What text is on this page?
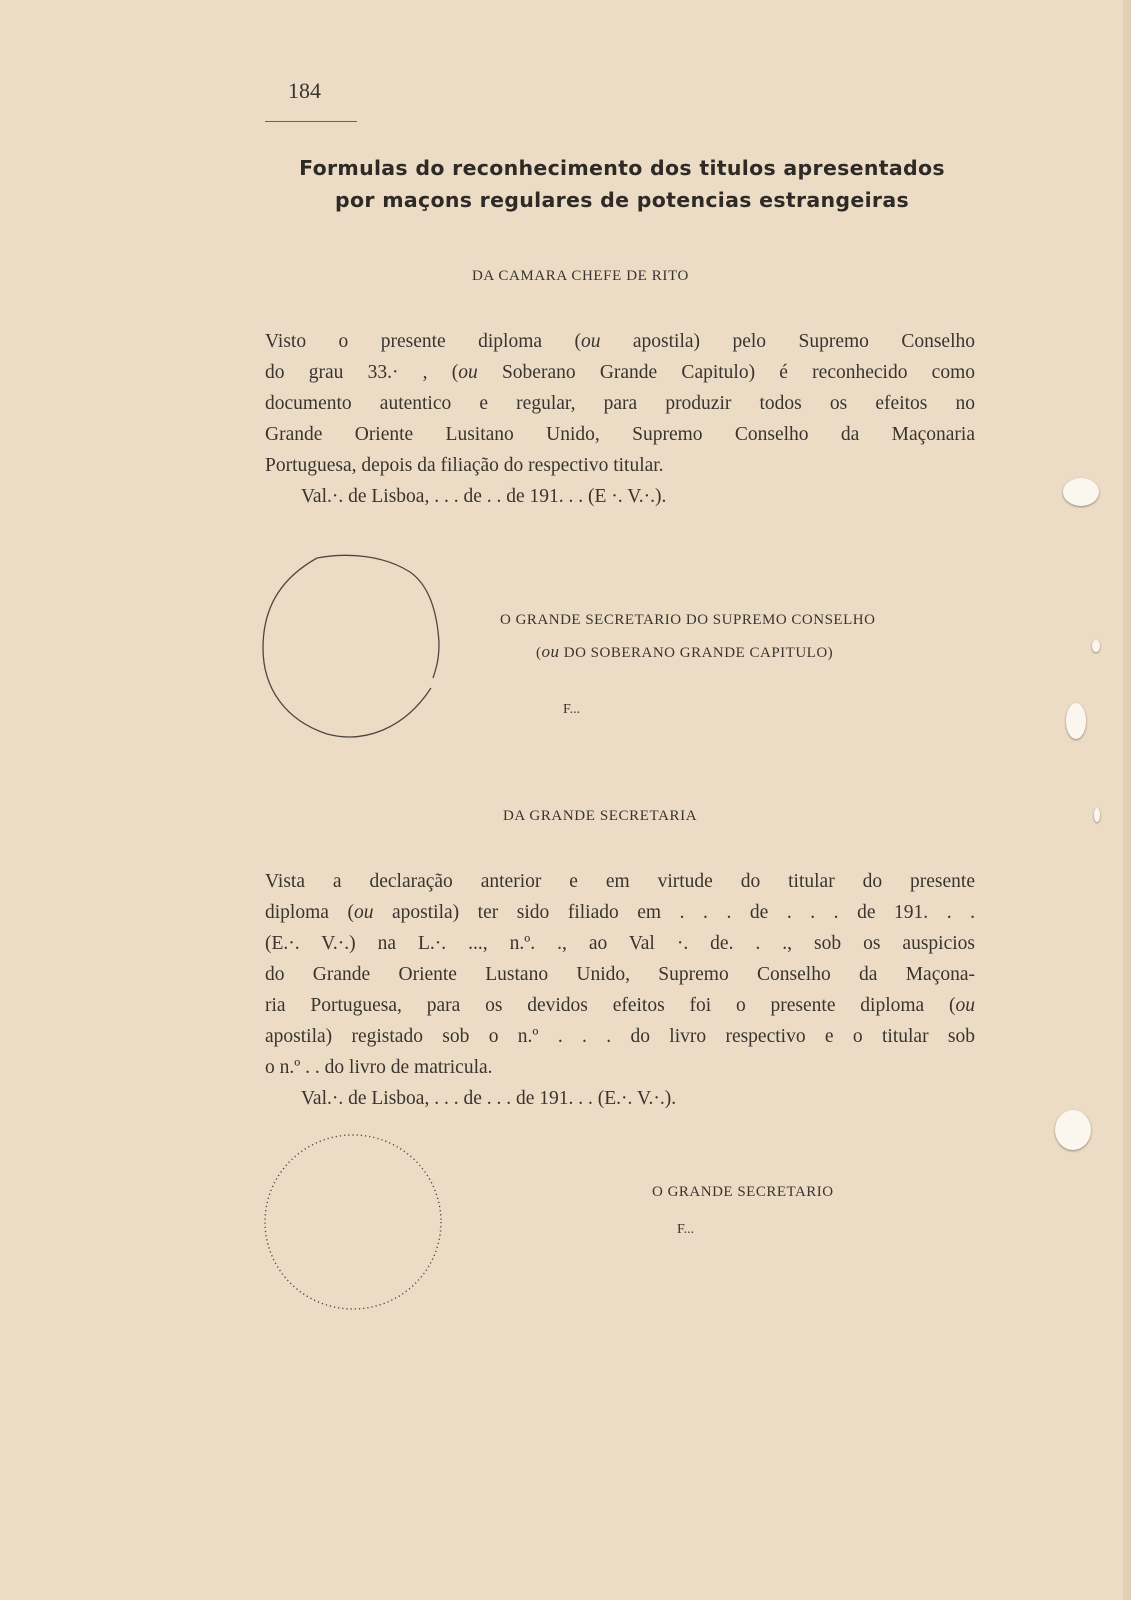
184
Formulas do reconhecimento dos titulos apresentados
por maçons regulares de potencias estrangeiras
DA CAMARA CHEFE DE RITO
Visto o presente diploma (ou apostila) pelo Supremo Conselho
do grau 33.· , (ou Soberano Grande Capitulo) é reconhecido como
documento autentico e regular, para produzir todos os efeitos no
Grande Oriente Lusitano Unido, Supremo Conselho da Maçonaria
Portuguesa, depois da filiação do respectivo titular.
Val.·. de Lisboa, . . . de . . de 191. . . (E ·. V.·.).
O GRANDE SECRETARIO DO SUPREMO CONSELHO
(ou DO SOBERANO GRANDE CAPITULO)
F...
DA GRANDE SECRETARIA
Vista a declaração anterior e em virtude do titular do presente
diploma (ou apostila) ter sido filiado em . . . de . . . de 191. . .
(E.·. V.·.) na L.·. ..., n.º. ., ao Val ·. de. . ., sob os auspicios
do Grande Oriente Lustano Unido, Supremo Conselho da Maçona-
ria Portuguesa, para os devidos efeitos foi o presente diploma (ou
apostila) registado sob o n.º . . . do livro respectivo e o titular sob
o n.º . . do livro de matricula.
Val.·. de Lisboa, . . . de . . . de 191. . . (E.·. V.·.).
O GRANDE SECRETARIO
F...
